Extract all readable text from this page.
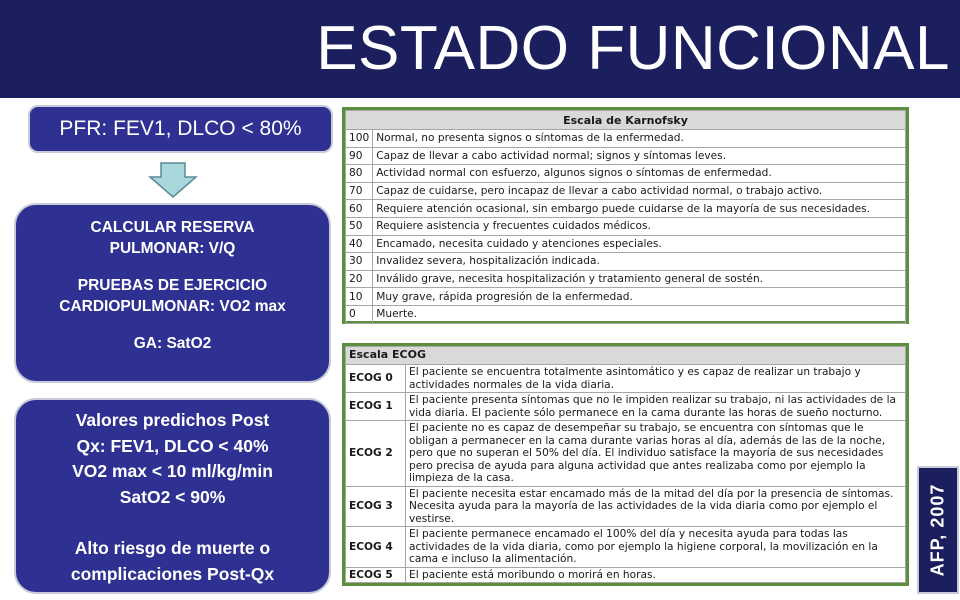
ESTADO FUNCIONAL
PFR: FEV1, DLCO < 80%

CALCULAR RESERVA

PULMONAR: V/Q

PRUEBAS DE EJERCICIO

CARDIOPULMONAR: VO2 max

GA: SatO2

Valores predichos Post

Qx: FEV1, DLCO < 40%

VO2 max < 10 ml/kg/min

SatO2 < 90%

Alto riesgo de muerte o

complicaciones Post-Qx

Escala de Karnofsky	
100	Normal, no presenta signos o síntomas de la enfermedad.
90	Capaz de llevar a cabo actividad normal; signos y síntomas leves.
80	Actividad normal con esfuerzo, algunos signos o síntomas de enfermedad.
70	Capaz de cuidarse, pero incapaz de llevar a cabo actividad normal, o trabajo activo.
60	Requiere atención ocasional, sin embargo puede cuidarse de la mayoría de sus necesidades.
50	Requiere asistencia y frecuentes cuidados médicos.
40	Encamado, necesita cuidado y atenciones especiales.
30	Invalidez severa, hospitalización indicada.
20	Inválido grave, necesita hospitalización y tratamiento general de sostén.
10	Muy grave, rápida progresión de la enfermedad.
0	Muerte.
Escala ECOG	
ECOG 0	El paciente se encuentra totalmente asintomático y es capaz de realizar un trabajo y actividades normales de la vida diaria.
ECOG 1	El paciente presenta síntomas que no le impiden realizar su trabajo, ni las actividades de la vida diaria. El paciente sólo permanece en la cama durante las horas de sueño nocturno.
ECOG 2	El paciente no es capaz de desempeñar su trabajo, se encuentra con síntomas que le obligan a permanecer en la cama durante varias horas al día, además de las de la noche, pero que no superan el 50% del día. El individuo satisface la mayoría de sus necesidades pero precisa de ayuda para alguna actividad que antes realizaba como por ejemplo la limpieza de la casa.
ECOG 3	El paciente necesita estar encamado más de la mitad del día por la presencia de síntomas. Necesita ayuda para la mayoría de las actividades de la vida diaria como por ejemplo el vestirse.
ECOG 4	El paciente permanece encamado el 100% del día y necesita ayuda para todas las actividades de la vida diaria, como por ejemplo la higiene corporal, la movilización en la cama e incluso la alimentación.
ECOG 5	El paciente está moribundo o morirá en horas.	AFP, 2007
